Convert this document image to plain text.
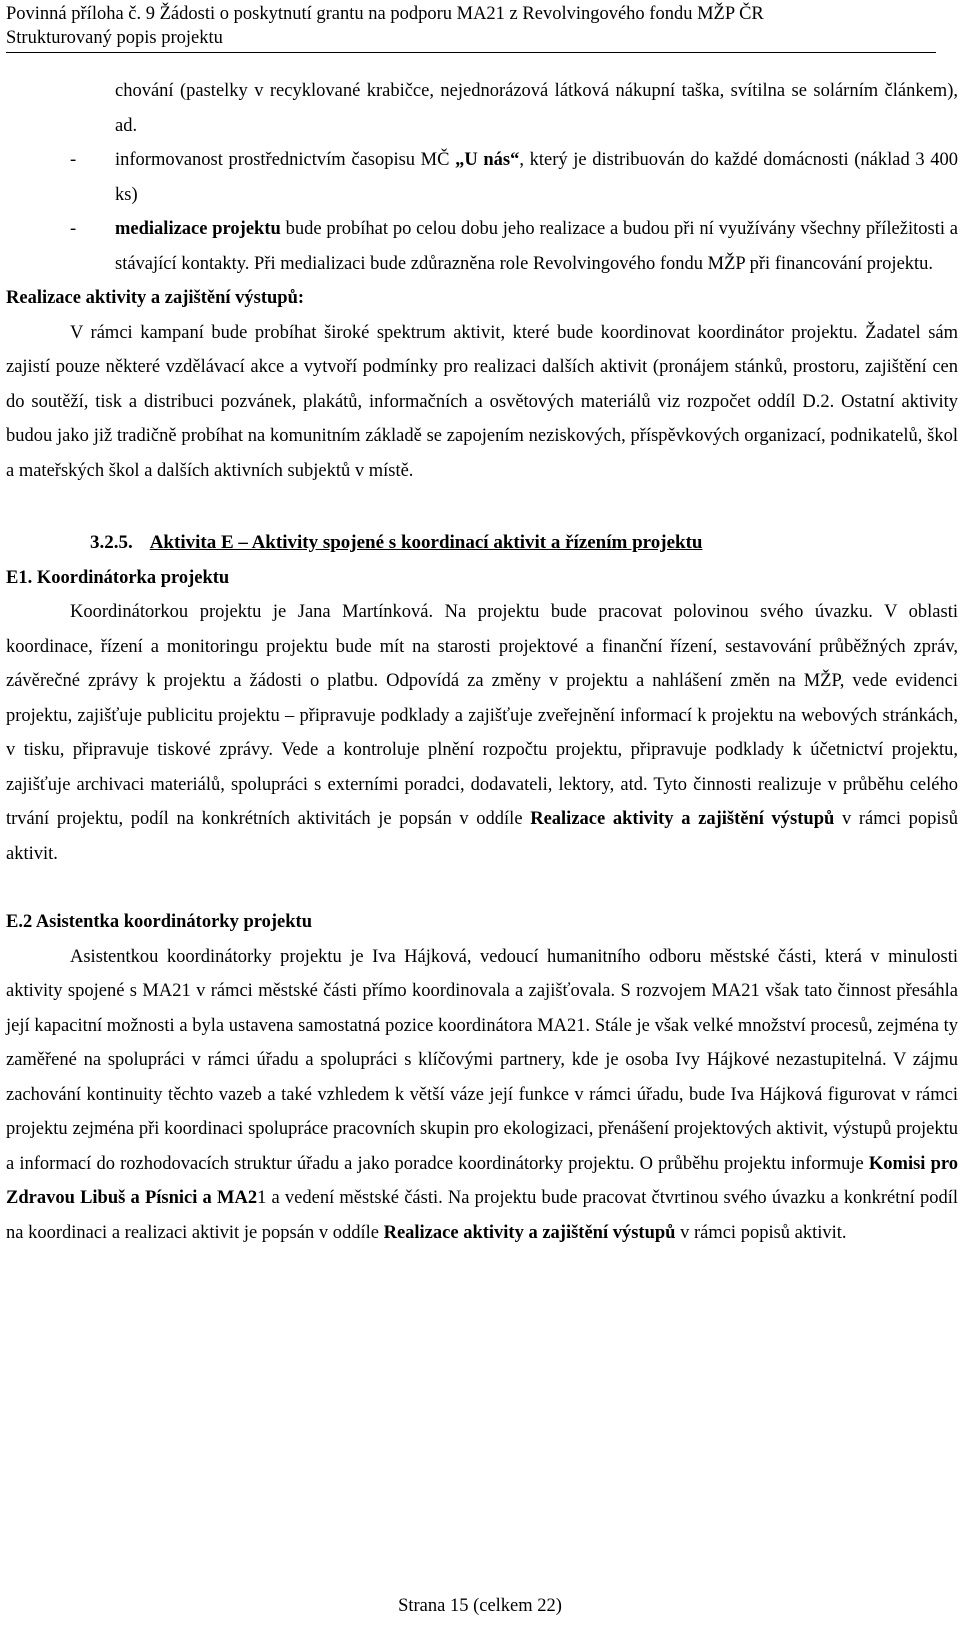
Povinná příloha č. 9 Žádosti o poskytnutí grantu na podporu MA21 z Revolvingového fondu MŽP ČR
Strukturovaný popis projektu
chování (pastelky v recyklované krabičce, nejednorázová látková nákupní taška, svítilna se solárním článkem), ad.
- informovanost prostřednictvím časopisu MČ „U nás“, který je distribuován do každé domácnosti (náklad 3 400 ks)
- medializace projektu bude probíhat po celou dobu jeho realizace a budou při ní využívány všechny příležitosti a stávající kontakty. Při medializaci bude zdůrazněna role Revolvingového fondu MŽP při financování projektu.

Realizace aktivity a zajištění výstupů:

V rámci kampaní bude probíhat široké spektrum aktivit, které bude koordinovat koordinátor projektu. Žadatel sám zajistí pouze některé vzdělávací akce a vytvoří podmínky pro realizaci dalších aktivit (pronájem stánků, prostoru, zajištění cen do soutěží, tisk a distribuci pozvánek, plakátů, informačních a osvětových materiálů viz rozpočet oddíl D.2. Ostatní aktivity budou jako již tradičně probíhat na komunitním základě se zapojením neziskových, příspěvkových organizací, podnikatelů, škol a mateřských škol a dalších aktivních subjektů v místě.

3.2.5. Aktivita E – Aktivity spojené s koordinací aktivit a řízením projektu

E1. Koordinátorka projektu

Koordinátorkou projektu je Jana Martínková. Na projektu bude pracovat polovinou svého úvazku. V oblasti koordinace, řízení a monitoringu projektu bude mít na starosti projektové a finanční řízení, sestavování průběžných zpráv, závěrečné zprávy k projektu a žádosti o platbu. Odpovídá za změny v projektu a nahlášení změn na MŽP, vede evidenci projektu, zajišťuje publicitu projektu – připravuje podklady a zajišťuje zveřejnění informací k projektu na webových stránkách, v tisku, připravuje tiskové zprávy. Vede a kontroluje plnění rozpočtu projektu, připravuje podklady k účetnictví projektu, zajišťuje archivaci materiálů, spolupráci s externími poradci, dodavateli, lektory, atd. Tyto činnosti realizuje v průběhu celého trvání projektu, podíl na konkrétních aktivitách je popsán v oddíle Realizace aktivity a zajištění výstupů v rámci popisů aktivit.

E.2 Asistentka koordinátorky projektu

Asistentkou koordinátorky projektu je Iva Hájková, vedoucí humanitního odboru městské části, která v minulosti aktivity spojené s MA21 v rámci městské části přímo koordinovala a zajišťovala. S rozvojem MA21 však tato činnost přesáhla její kapacitní možnosti a byla ustavena samostatná pozice koordinátora MA21. Stále je však velké množství procesů, zejména ty zaměřené na spolupráci v rámci úřadu a spolupráci s klíčovými partnery, kde je osoba Ivy Hájkové nezastupitelná. V zájmu zachování kontinuity těchto vazeb a také vzhledem k větší váze její funkce v rámci úřadu, bude Iva Hájková figurovat v rámci projektu zejména při koordinaci spolupráce pracovních skupin pro ekologizaci, přenášení projektových aktivit, výstupů projektu a informací do rozhodovacích struktur úřadu a jako poradce koordinátorky projektu. O průběhu projektu informuje Komisi pro Zdravou Libuš a Písnici a MA21 a vedení městské části. Na projektu bude pracovat čtvrtinou svého úvazku a konkrétní podíl na koordinaci a realizaci aktivit je popsán v oddíle Realizace aktivity a zajištění výstupů v rámci popisů aktivit.

Strana 15 (celkem 22)
